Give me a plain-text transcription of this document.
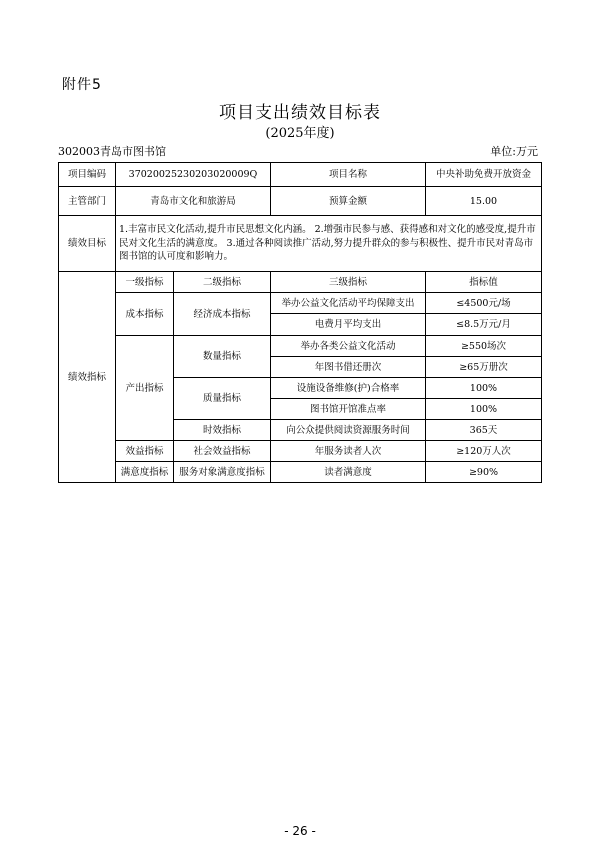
附件5
项目支出绩效目标表
(2025年度)
302003青岛市图书馆	单位:万元
项目编码	37020025230203020009Q		项目名称	中央补助免费开放资金
主管部门	青岛市文化和旅游局		预算金额	15.00
绩效目标	1.丰富市民文化活动,提升市民思想文化内涵。 2.增强市民参与感、获得感和对文化的感受度,提升市民对文化生活的满意度。 3.通过各种阅读推广活动,努力提升群众的参与积极性、提升市民对青岛市图书馆的认可度和影响力。			
绩效指标	一级指标	二级指标	三级指标	指标值
	成本指标	经济成本指标	举办公益文化活动平均保障支出	≤4500元/场
			电费月平均支出	≤8.5万元/月
	产出指标	数量指标	举办各类公益文化活动	≥550场次
			年图书借还册次	≥65万册次
		质量指标	设施设备维修(护)合格率	100%
			图书馆开馆准点率	100%
		时效指标	向公众提供阅读资源服务时间	365天
	效益指标	社会效益指标	年服务读者人次	≥120万人次
	满意度指标	服务对象满意度指标	读者满意度	≥90%
- 26 -
